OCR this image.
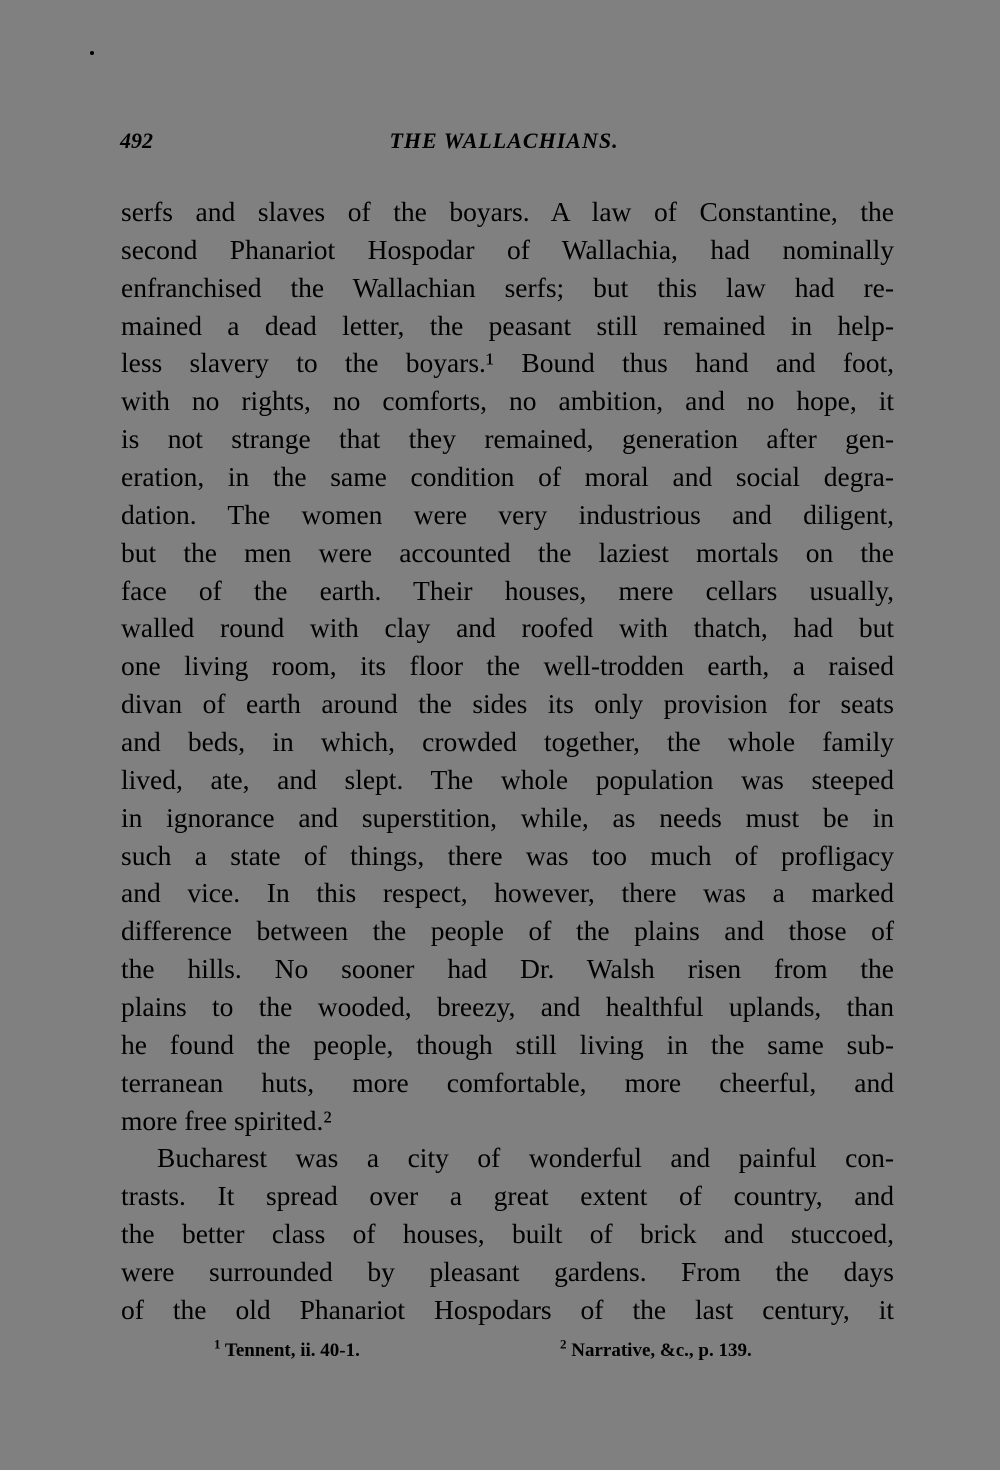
492	THE WALLACHIANS.
serfs and slaves of the boyars. A law of Constantine, the
second Phanariot Hospodar of Wallachia, had nominally
enfranchised the Wallachian serfs; but this law had re-
mained a dead letter, the peasant still remained in help-
less slavery to the boyars.¹ Bound thus hand and foot,
with no rights, no comforts, no ambition, and no hope, it
is not strange that they remained, generation after gen-
eration, in the same condition of moral and social degra-
dation. The women were very industrious and diligent,
but the men were accounted the laziest mortals on the
face of the earth. Their houses, mere cellars usually,
walled round with clay and roofed with thatch, had but
one living room, its floor the well-trodden earth, a raised
divan of earth around the sides its only provision for seats
and beds, in which, crowded together, the whole family
lived, ate, and slept. The whole population was steeped
in ignorance and superstition, while, as needs must be in
such a state of things, there was too much of profligacy
and vice. In this respect, however, there was a marked
difference between the people of the plains and those of
the hills. No sooner had Dr. Walsh risen from the
plains to the wooded, breezy, and healthful uplands, than
he found the people, though still living in the same sub-
terranean huts, more comfortable, more cheerful, and
more free spirited.²
Bucharest was a city of wonderful and painful con-
trasts. It spread over a great extent of country, and
the better class of houses, built of brick and stuccoed,
were surrounded by pleasant gardens. From the days
of the old Phanariot Hospodars of the last century, it
$^1$ Tennent, ii. 40-1.	$^2$ Narrative, &c., p. 139.
